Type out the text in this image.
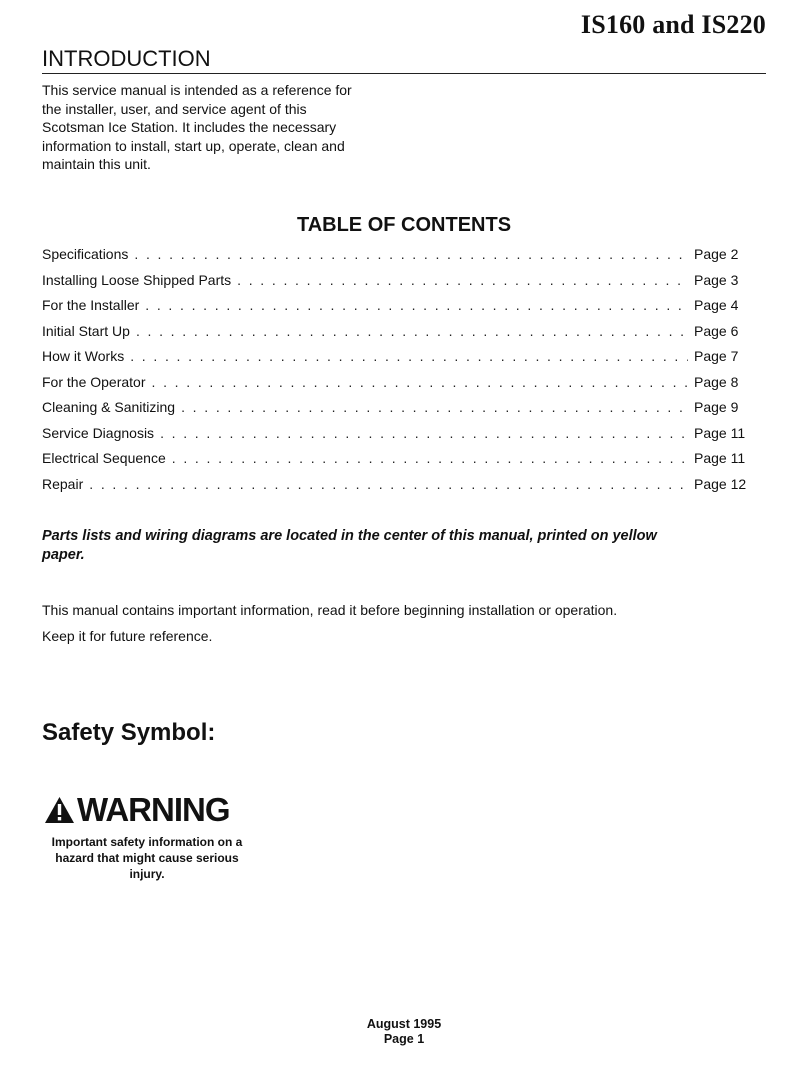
IS160 and IS220
INTRODUCTION
This service manual is intended as a reference for
the installer, user, and service agent of this
Scotsman Ice Station. It includes the necessary
information to install, start up, operate, clean and
maintain this unit.
TABLE OF CONTENTS
Specifications . . .	Page 2
Installing Loose Shipped Parts . . .	Page 3
For the Installer . . .	Page 4
Initial Start Up . . .	Page 6
How it Works . . .	Page 7
For the Operator . . .	Page 8
Cleaning & Sanitizing . . .	Page 9
Service Diagnosis . . .	Page 11
Electrical Sequence . . .	Page 11
Repair . . .	Page 12
Parts lists and wiring diagrams are located in the center of this manual, printed on yellow
paper.
This manual contains important information, read it before beginning installation or operation.
Keep it for future reference.
Safety Symbol:
WARNING
Important safety information on a
hazard that might cause serious
injury.
August 1995
Page 1
